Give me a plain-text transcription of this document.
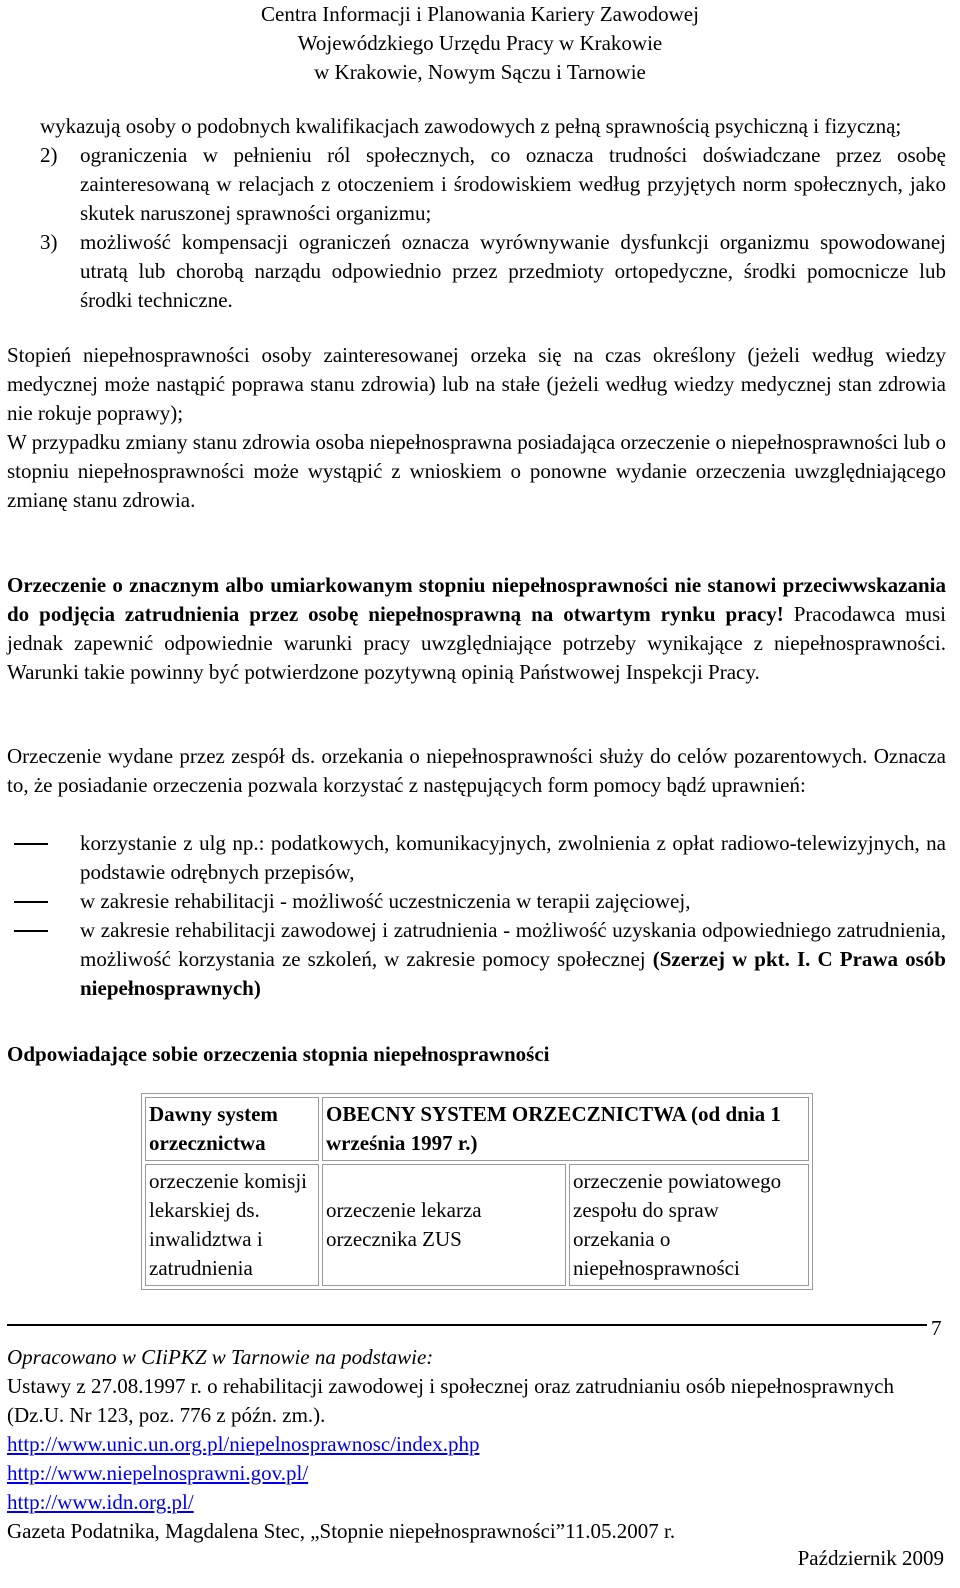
Centra Informacji i Planowania Kariery Zawodowej
Wojewódzkiego Urzędu Pracy w Krakowie
w Krakowie, Nowym Sączu i Tarnowie
wykazują osoby o podobnych kwalifikacjach zawodowych z pełną sprawnością psychiczną i fizyczną;
2) ograniczenia w pełnieniu ról społecznych, co oznacza trudności doświadczane przez osobę zainteresowaną w relacjach z otoczeniem i środowiskiem według przyjętych norm społecznych, jako skutek naruszonej sprawności organizmu;
3) możliwość kompensacji ograniczeń oznacza wyrównywanie dysfunkcji organizmu spowodowanej utratą lub chorobą narządu odpowiednio przez przedmioty ortopedyczne, środki pomocnicze lub środki techniczne.
Stopień niepełnosprawności osoby zainteresowanej orzeka się na czas określony (jeżeli według wiedzy medycznej może nastąpić poprawa stanu zdrowia) lub na stałe (jeżeli według wiedzy medycznej stan zdrowia nie rokuje poprawy);
W przypadku zmiany stanu zdrowia osoba niepełnosprawna posiadająca orzeczenie o niepełnosprawności lub o stopniu niepełnosprawności może wystąpić z wnioskiem o ponowne wydanie orzeczenia uwzględniającego zmianę stanu zdrowia.
Orzeczenie o znacznym albo umiarkowanym stopniu niepełnosprawności nie stanowi przeciwwskazania do podjęcia zatrudnienia przez osobę niepełnosprawną na otwartym rynku pracy! Pracodawca musi jednak zapewnić odpowiednie warunki pracy uwzględniające potrzeby wynikające z niepełnosprawności. Warunki takie powinny być potwierdzone pozytywną opinią Państwowej Inspekcji Pracy.
Orzeczenie wydane przez zespół ds. orzekania o niepełnosprawności służy do celów pozarentowych. Oznacza to, że posiadanie orzeczenia pozwala korzystać z następujących form pomocy bądź uprawnień:
korzystanie z ulg np.: podatkowych, komunikacyjnych, zwolnienia z opłat radiowo-telewizyjnych, na podstawie odrębnych przepisów,
w zakresie rehabilitacji - możliwość uczestniczenia w terapii zajęciowej,
w zakresie rehabilitacji zawodowej i zatrudnienia - możliwość uzyskania odpowiedniego zatrudnienia, możliwość korzystania ze szkoleń, w zakresie pomocy społecznej (Szerzej w pkt. I. C Prawa osób niepełnosprawnych)
Odpowiadające sobie orzeczenia stopnia niepełnosprawności
Dawny system orzecznictwa	OBECNY SYSTEM ORZECZNICTWA (od dnia 1 września 1997 r.)	
orzeczenie komisji lekarskiej ds. inwalidztwa i zatrudnienia	orzeczenie lekarza orzecznika ZUS	orzeczenie powiatowego zespołu do spraw orzekania o niepełnosprawności
7
Opracowano w CIiPKZ w Tarnowie na podstawie:
Ustawy z 27.08.1997 r. o rehabilitacji zawodowej i społecznej oraz zatrudnianiu osób niepełnosprawnych (Dz.U. Nr 123, poz. 776 z późn. zm.).
http://www.unic.un.org.pl/niepelnosprawnosc/index.php
http://www.niepelnosprawni.gov.pl/
http://www.idn.org.pl/
Gazeta Podatnika, Magdalena Stec, „Stopnie niepełnosprawności”11.05.2007 r.
Październik 2009
